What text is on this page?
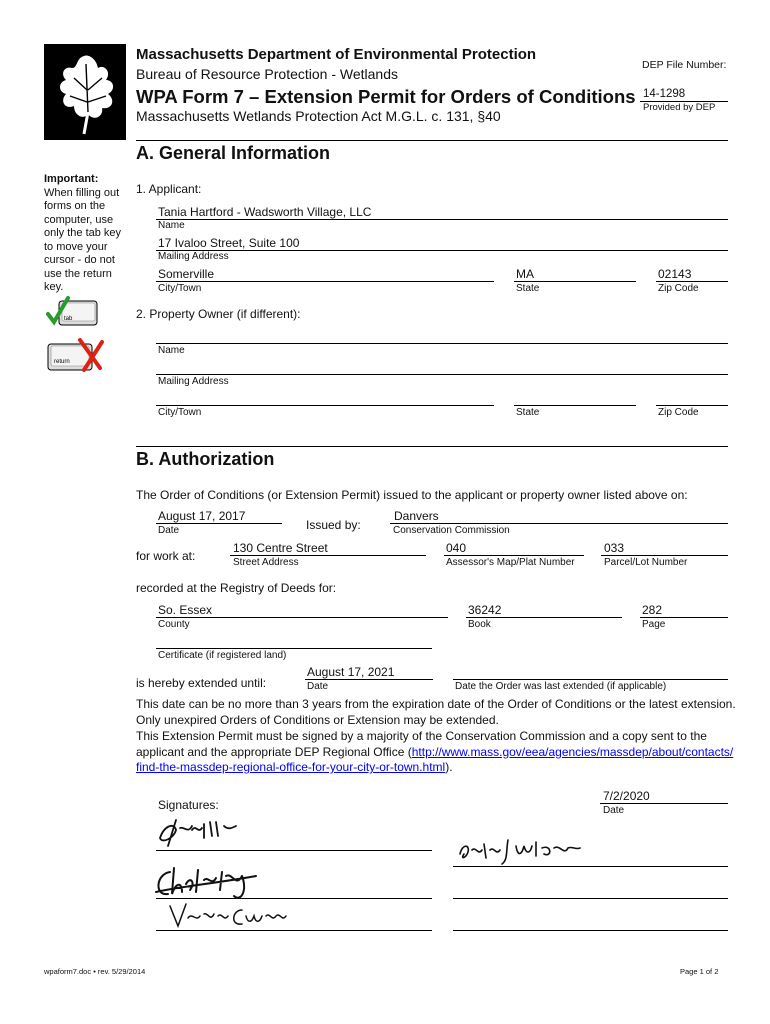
Massachusetts Department of Environmental Protection
Bureau of Resource Protection - Wetlands
WPA Form 7 – Extension Permit for Orders of Conditions
Massachusetts Wetlands Protection Act M.G.L. c. 131, §40
DEP File Number:
14-1298
Provided by DEP
A. General Information
Important:
When filling out forms on the computer, use only the tab key to move your cursor - do not use the return key.
tab
return
1. Applicant:
Tania Hartford - Wadsworth Village, LLC
Name
17 Ivaloo Street, Suite 100
Mailing Address
Somerville	MA	02143
City/Town	State	Zip Code
2. Property Owner (if different):
Name
Mailing Address
City/Town	State	Zip Code
B. Authorization
The Order of Conditions (or Extension Permit) issued to the applicant or property owner listed above on:
August 17, 2017
Date	Issued by:
Danvers
Conservation Commission
for work at:
130 Centre Street	040	033
Street Address	Assessor's Map/Plat Number	Parcel/Lot Number
recorded at the Registry of Deeds for:
So. Essex	36242	282
County	Book	Page
Certificate (if registered land)
is hereby extended until:
August 17, 2021
Date	Date the Order was last extended (if applicable)
This date can be no more than 3 years from the expiration date of the Order of Conditions or the latest extension. Only unexpired Orders of Conditions or Extension may be extended.
This Extension Permit must be signed by a majority of the Conservation Commission and a copy sent to the applicant and the appropriate DEP Regional Office (http://www.mass.gov/eea/agencies/massdep/about/contacts/find-the-massdep-regional-office-for-your-city-or-town.html).
7/2/2020
Date
Signatures:
wpaform7.doc • rev. 5/29/2014	Page 1 of 2
